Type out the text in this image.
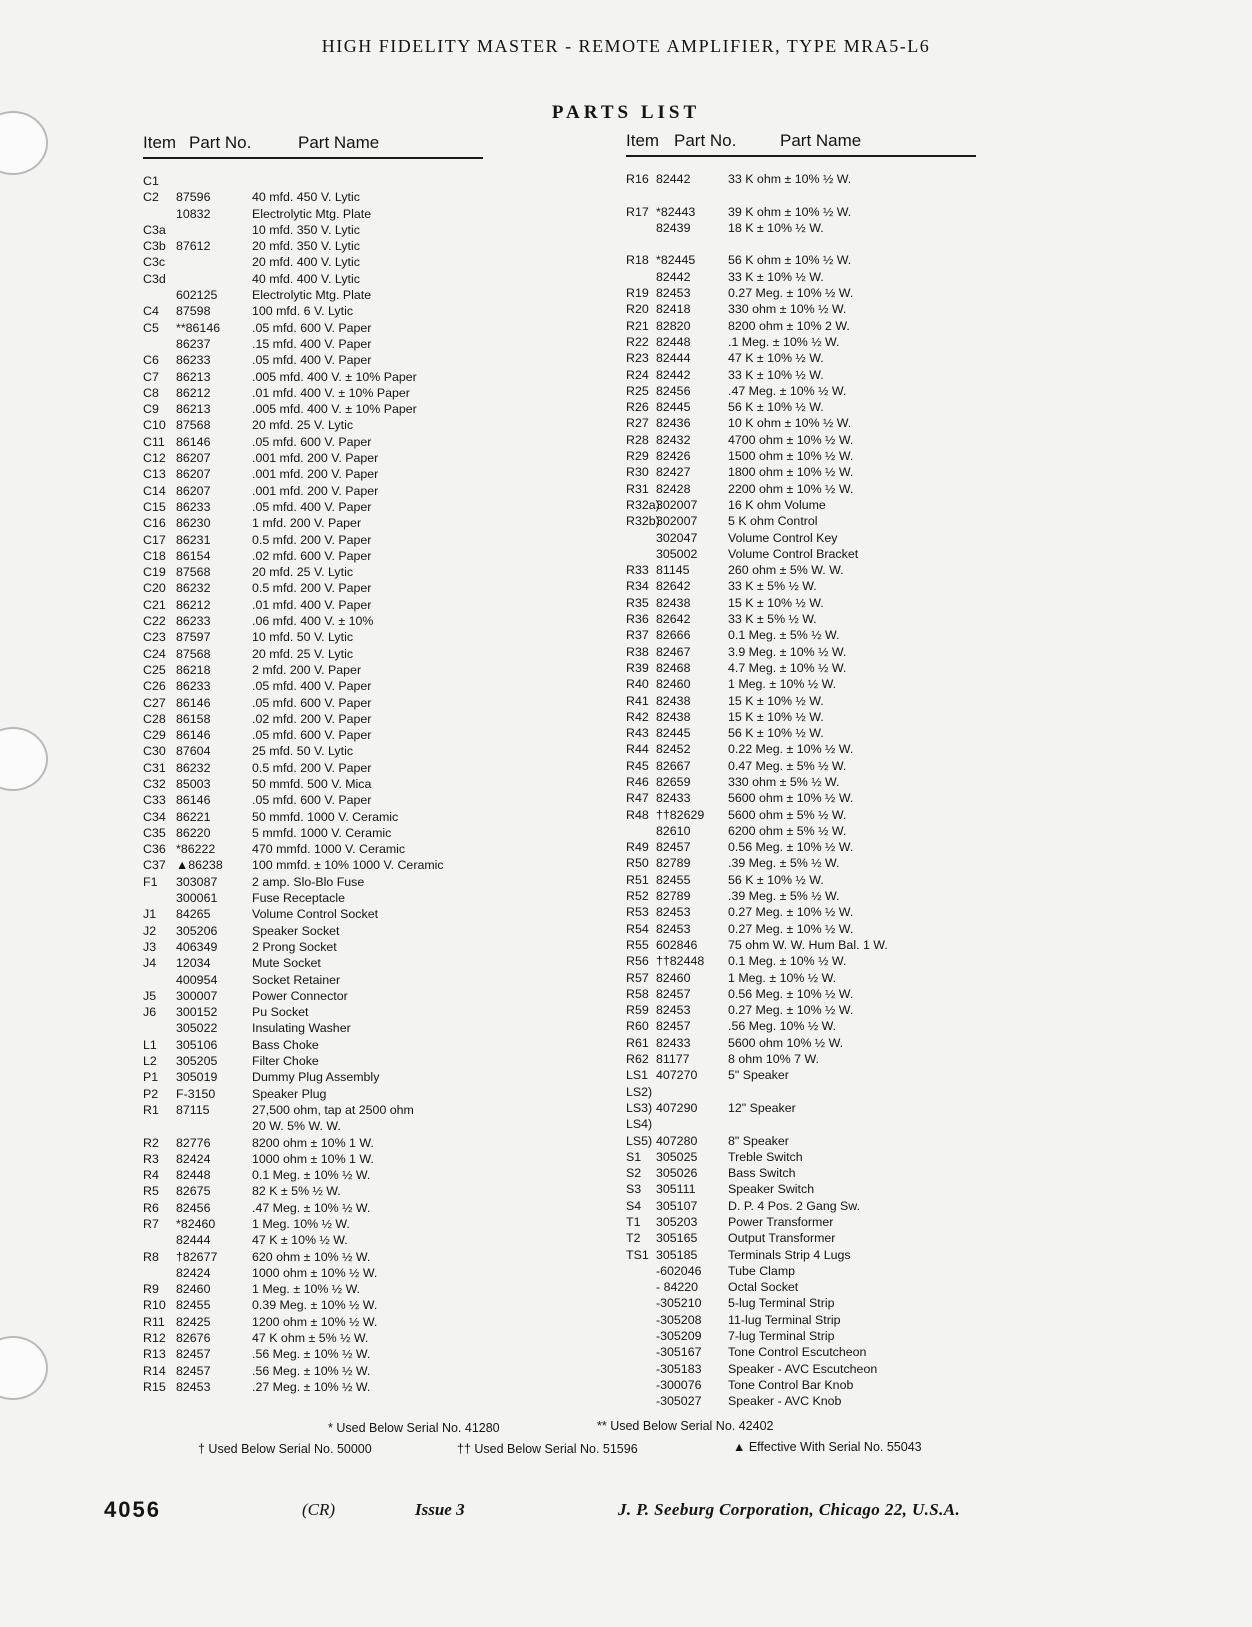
HIGH FIDELITY MASTER - REMOTE AMPLIFIER, TYPE MRA5-L6
PARTS LIST
Item Part No.	Part Name
C1
C2	87596	40 mfd. 450 V. Lytic
10832	Electrolytic Mtg. Plate
C3a	10 mfd. 350 V. Lytic
C3b 87612	20 mfd. 350 V. Lytic
C3c	20 mfd. 400 V. Lytic
C3d	40 mfd. 400 V. Lytic
602125	Electrolytic Mtg. Plate
C4	87598	100 mfd. 6 V. Lytic
C5	**86146	.05 mfd. 600 V. Paper
86237	.15 mfd. 400 V. Paper
C6	86233	.05 mfd. 400 V. Paper
C7	86213	.005 mfd. 400 V. ± 10% Paper
C8	86212	.01 mfd. 400 V. ± 10% Paper
C9	86213	.005 mfd. 400 V. ± 10% Paper
C10 87568	20 mfd. 25 V. Lytic
C11 86146	.05 mfd. 600 V. Paper
C12 86207	.001 mfd. 200 V. Paper
C13 86207	.001 mfd. 200 V. Paper
C14 86207	.001 mfd. 200 V. Paper
C15 86233	.05 mfd. 400 V. Paper
C16 86230	1 mfd. 200 V. Paper
C17 86231	0.5 mfd. 200 V. Paper
C18 86154	.02 mfd. 600 V. Paper
C19 87568	20 mfd. 25 V. Lytic
C20 86232	0.5 mfd. 200 V. Paper
C21 86212	.01 mfd. 400 V. Paper
C22 86233	.06 mfd. 400 V. ± 10%
C23 87597	10 mfd. 50 V. Lytic
C24 87568	20 mfd. 25 V. Lytic
C25 86218	2 mfd. 200 V. Paper
C26 86233	.05 mfd. 400 V. Paper
C27 86146	.05 mfd. 600 V. Paper
C28 86158	.02 mfd. 200 V. Paper
C29 86146	.05 mfd. 600 V. Paper
C30 87604	25 mfd. 50 V. Lytic
C31 86232	0.5 mfd. 200 V. Paper
C32 85003	50 mmfd. 500 V. Mica
C33 86146	.05 mfd. 600 V. Paper
C34 86221	50 mmfd. 1000 V. Ceramic
C35 86220	5 mmfd. 1000 V. Ceramic
C36 *86222	470 mmfd. 1000 V. Ceramic
C37 ▲86238	100 mmfd. ± 10% 1000 V. Ceramic
F1	303087	2 amp. Slo-Blo Fuse
300061	Fuse Receptacle
J1	84265	Volume Control Socket
J2	305206	Speaker Socket
J3	406349	2 Prong Socket
J4	12034	Mute Socket
400954	Socket Retainer
J5	300007	Power Connector
J6	300152	Pu Socket
305022	Insulating Washer
L1	305106	Bass Choke
L2	305205	Filter Choke
P1	305019	Dummy Plug Assembly
P2	F-3150	Speaker Plug
R1	87115	27,500 ohm, tap at 2500 ohm
20 W. 5% W. W.
R2	82776	8200 ohm ± 10% 1 W.
R3	82424	1000 ohm ± 10% 1 W.
R4	82448	0.1 Meg. ± 10% ½ W.
R5	82675	82 K ± 5% ½ W.
R6	82456	.47 Meg. ± 10% ½ W.
R7	*82460	1 Meg. 10% ½ W.
82444	47 K ± 10% ½ W.
R8	†82677	620 ohm ± 10% ½ W.
82424	1000 ohm ± 10% ½ W.
R9	82460	1 Meg. ± 10% ½ W.
R10 82455	0.39 Meg. ± 10% ½ W.
R11 82425	1200 ohm ± 10% ½ W.
R12 82676	47 K ohm ± 5% ½ W.
R13 82457	.56 Meg. ± 10% ½ W.
R14 82457	.56 Meg. ± 10% ½ W.
R15 82453	.27 Meg. ± 10% ½ W.
Item Part No.	Part Name
R16 82442	33 K ohm ± 10% ½ W.
R17 *82443	39 K ohm ± 10% ½ W.
82439	18 K ± 10% ½ W.
R18 *82445	56 K ohm ± 10% ½ W.
82442	33 K ± 10% ½ W.
R19 82453	0.27 Meg. ± 10% ½ W.
R20 82418	330 ohm ± 10% ½ W.
R21 82820	8200 ohm ± 10% 2 W.
R22 82448	.1 Meg. ± 10% ½ W.
R23 82444	47 K ± 10% ½ W.
R24 82442	33 K ± 10% ½ W.
R25 82456	.47 Meg. ± 10% ½ W.
R26 82445	56 K ± 10% ½ W.
R27 82436	10 K ohm ± 10% ½ W.
R28 82432	4700 ohm ± 10% ½ W.
R29 82426	1500 ohm ± 10% ½ W.
R30 82427	1800 ohm ± 10% ½ W.
R31 82428	2200 ohm ± 10% ½ W.
R32a)
302007	16 K ohm Volume
R32b)
302007	5 K ohm Control
302047	Volume Control Key
305002	Volume Control Bracket
R33 81145	260 ohm ± 5% W. W.
R34 82642	33 K ± 5% ½ W.
R35 82438	15 K ± 10% ½ W.
R36 82642	33 K ± 5% ½ W.
R37 82666	0.1 Meg. ± 5% ½ W.
R38 82467	3.9 Meg. ± 10% ½ W.
R39 82468	4.7 Meg. ± 10% ½ W.
R40 82460	1 Meg. ± 10% ½ W.
R41 82438	15 K ± 10% ½ W.
R42 82438	15 K ± 10% ½ W.
R43 82445	56 K ± 10% ½ W.
R44 82452	0.22 Meg. ± 10% ½ W.
R45 82667	0.47 Meg. ± 5% ½ W.
R46 82659	330 ohm ± 5% ½ W.
R47 82433	5600 ohm ± 10% ½ W.
R48 ††82629	5600 ohm ± 5% ½ W.
82610	6200 ohm ± 5% ½ W.
R49 82457	0.56 Meg. ± 10% ½ W.
R50 82789	.39 Meg. ± 5% ½ W.
R51 82455	56 K ± 10% ½ W.
R52 82789	.39 Meg. ± 5% ½ W.
R53 82453	0.27 Meg. ± 10% ½ W.
R54 82453	0.27 Meg. ± 10% ½ W.
R55 602846	75 ohm W. W. Hum Bal. 1 W.
R56 ††82448	0.1 Meg. ± 10% ½ W.
R57 82460	1 Meg. ± 10% ½ W.
R58 82457	0.56 Meg. ± 10% ½ W.
R59 82453	0.27 Meg. ± 10% ½ W.
R60 82457	.56 Meg. 10% ½ W.
R61 82433	5600 ohm 10% ½ W.
R62 81177	8 ohm 10% 7 W.
LS1 407270	5" Speaker
LS2)
LS3) 407290	12" Speaker
LS4)
LS5) 407280	8" Speaker
S1	305025	Treble Switch
S2	305026	Bass Switch
S3	305111	Speaker Switch
S4	305107	D. P. 4 Pos. 2 Gang Sw.
T1	305203	Power Transformer
T2	305165	Output Transformer
TS1 305185	Terminals Strip 4 Lugs
-602046	Tube Clamp
- 84220	Octal Socket
-305210	5-lug Terminal Strip
-305208	11-lug Terminal Strip
-305209	7-lug Terminal Strip
-305167	Tone Control Escutcheon
-305183	Speaker - AVC Escutcheon
-300076	Tone Control Bar Knob
-305027	Speaker - AVC Knob
* Used Below Serial No. 41280	** Used Below Serial No. 42402
† Used Below Serial No. 50000	†† Used Below Serial No. 51596	▲ Effective With Serial No. 55043
4056	(CR)	Issue 3	J. P. Seeburg Corporation, Chicago 22, U.S.A.
